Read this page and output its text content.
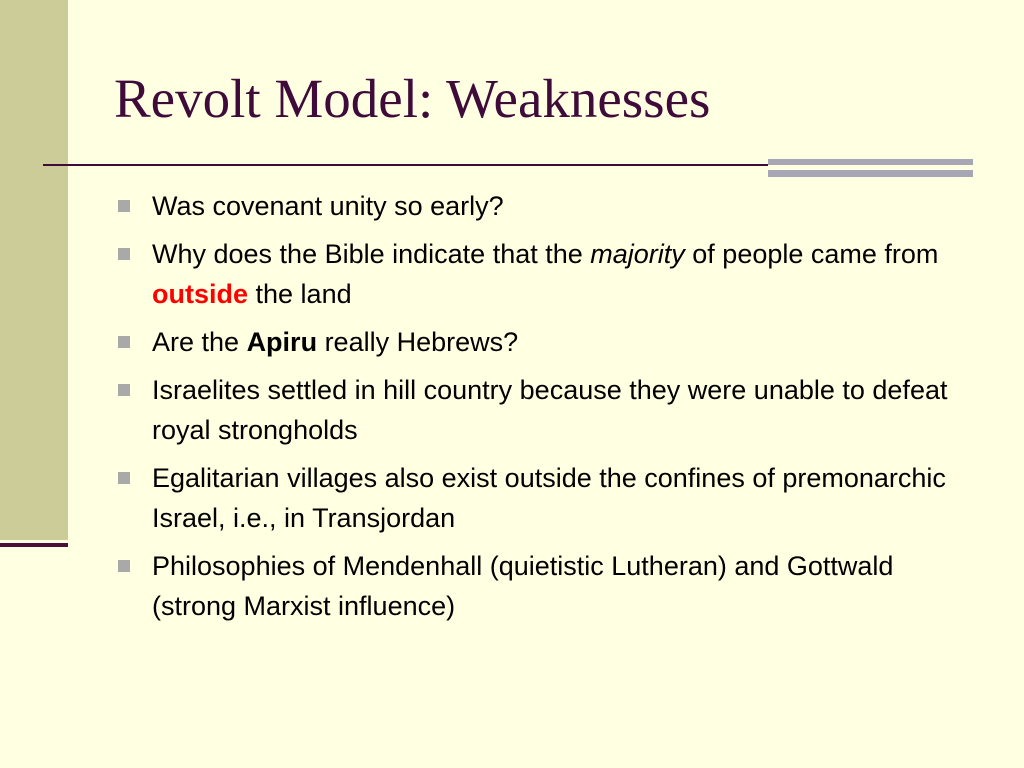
Revolt Model: Weaknesses
Was covenant unity so early?
Why does the Bible indicate that the majority of people came from outside the land
Are the Apiru really Hebrews?
Israelites settled in hill country because they were unable to defeat royal strongholds
Egalitarian villages also exist outside the confines of premonarchic Israel, i.e., in Transjordan
Philosophies of Mendenhall (quietistic Lutheran) and Gottwald (strong Marxist influence)
